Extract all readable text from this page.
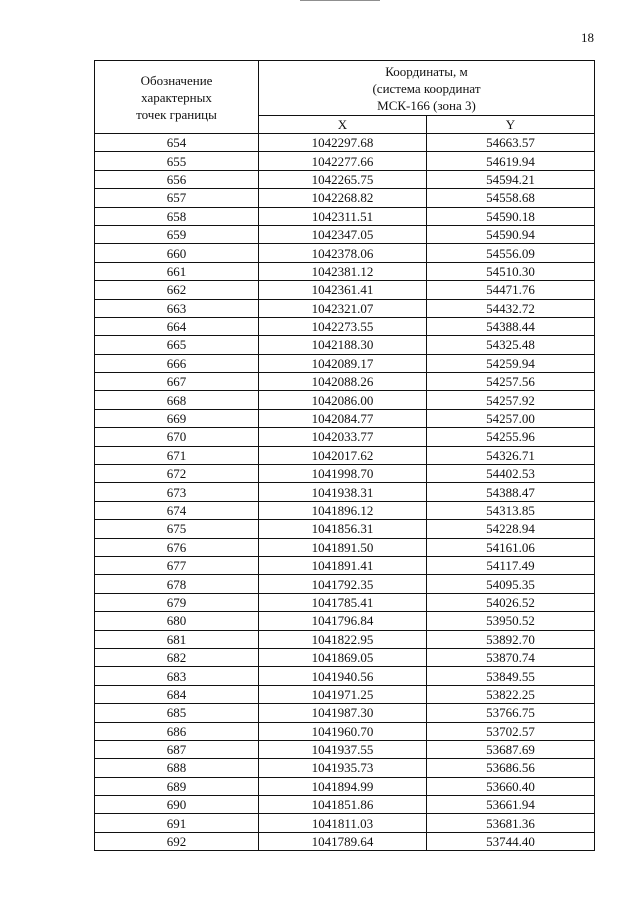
18
Обозначение
характерных
точек границы	Координаты, м
(система координат
МСК-166 (зона 3)	

	X	Y
654	1042297.68	54663.57
655	1042277.66	54619.94
656	1042265.75	54594.21
657	1042268.82	54558.68
658	1042311.51	54590.18
659	1042347.05	54590.94
660	1042378.06	54556.09
661	1042381.12	54510.30
662	1042361.41	54471.76
663	1042321.07	54432.72
664	1042273.55	54388.44
665	1042188.30	54325.48
666	1042089.17	54259.94
667	1042088.26	54257.56
668	1042086.00	54257.92
669	1042084.77	54257.00
670	1042033.77	54255.96
671	1042017.62	54326.71
672	1041998.70	54402.53
673	1041938.31	54388.47
674	1041896.12	54313.85
675	1041856.31	54228.94
676	1041891.50	54161.06
677	1041891.41	54117.49
678	1041792.35	54095.35
679	1041785.41	54026.52
680	1041796.84	53950.52
681	1041822.95	53892.70
682	1041869.05	53870.74
683	1041940.56	53849.55
684	1041971.25	53822.25
685	1041987.30	53766.75
686	1041960.70	53702.57
687	1041937.55	53687.69
688	1041935.73	53686.56
689	1041894.99	53660.40
690	1041851.86	53661.94
691	1041811.03	53681.36
692	1041789.64	53744.40
